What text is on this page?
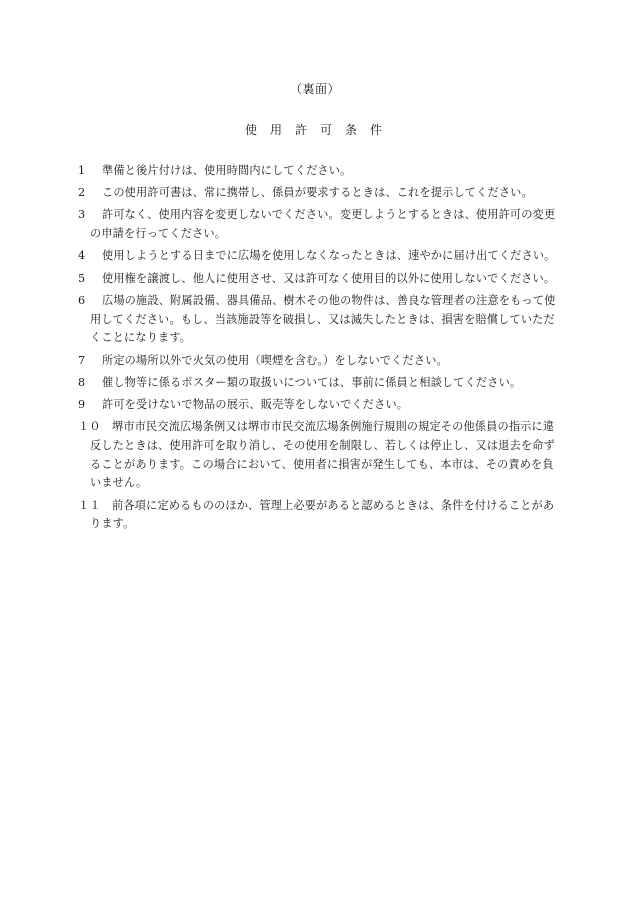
（裏面）
使用許可条件
1 準備と後片付けは、使用時間内にしてください。
2 この使用許可書は、常に携帯し、係員が要求するときは、これを提示してください。
3 許可なく、使用内容を変更しないでください。変更しようとするときは、使用許可の変更の申請を行ってください。
4 使用しようとする日までに広場を使用しなくなったときは、速やかに届け出てください。
5 使用権を譲渡し、他人に使用させ、又は許可なく使用目的以外に使用しないでください。
6 広場の施設、附属設備、器具備品、樹木その他の物件は、善良な管理者の注意をもって使用してください。もし、当該施設等を破損し、又は滅失したときは、損害を賠償していただくことになります。
7 所定の場所以外で火気の使用（喫煙を含む。）をしないでください。
8 催し物等に係るポスター類の取扱いについては、事前に係員と相談してください。
9 許可を受けないで物品の展示、販売等をしないでください。
１０ 堺市市民交流広場条例又は堺市市民交流広場条例施行規則の規定その他係員の指示に違反したときは、使用許可を取り消し、その使用を制限し、若しくは停止し、又は退去を命ずることがあります。この場合において、使用者に損害が発生しても、本市は、その責めを負いません。
１１ 前各項に定めるもののほか、管理上必要があると認めるときは、条件を付けることがあります。
